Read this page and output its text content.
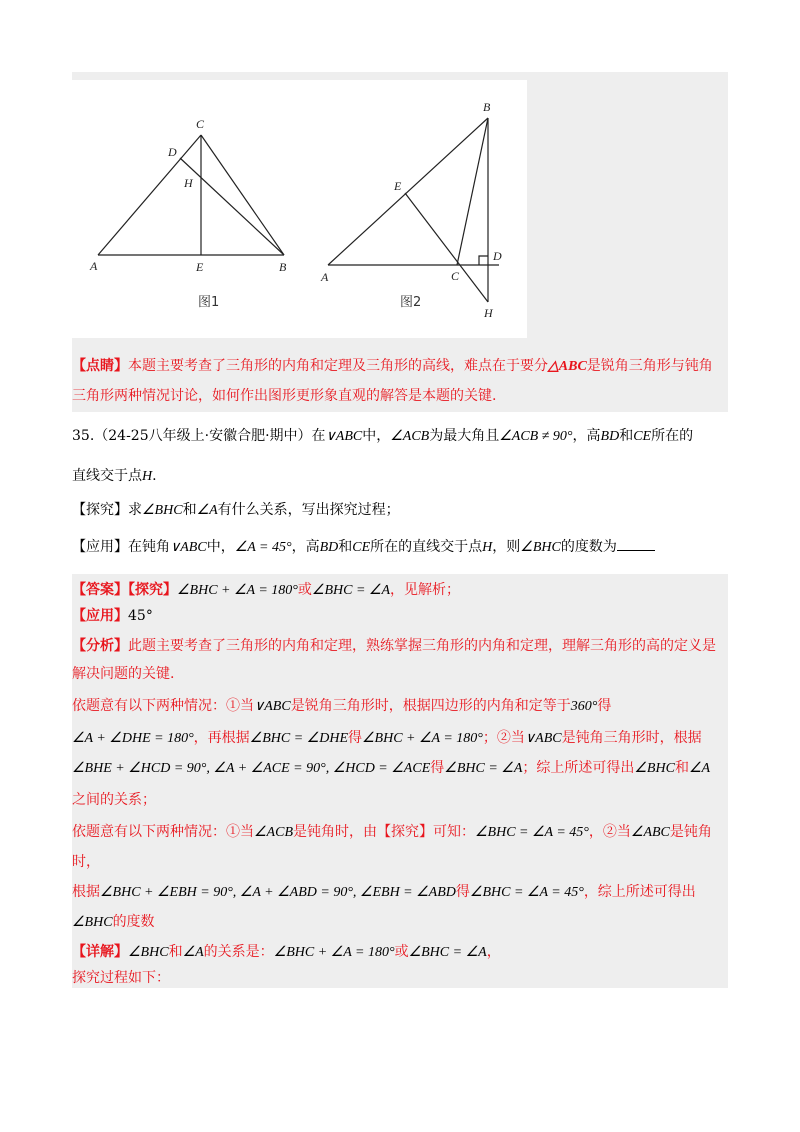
C
D
H
A	E	B
图1
B
E
D
C
A
H
图2
【点睛】本题主要考查了三角形的内角和定理及三角形的高线，难点在于要分△ABC是锐角三角形与钝角
三角形两种情况讨论，如何作出图形更形象直观的解答是本题的关键.
35.（24-25八年级上·安徽合肥·期中）在∨ABC中，∠ACB为最大角且∠ACB ≠ 90°，高BD和CE所在的
直线交于点H.
【探究】求∠BHC和∠A有什么关系，写出探究过程；
【应用】在钝角∨ABC中，∠A = 45°，高BD和CE所在的直线交于点H，则∠BHC的度数为
【答案】【探究】∠BHC + ∠A = 180°或∠BHC = ∠A，见解析；
【应用】45°
【分析】此题主要考查了三角形的内角和定理，熟练掌握三角形的内角和定理，理解三角形的高的定义是
解决问题的关键.
依题意有以下两种情况：①当∨ABC是锐角三角形时，根据四边形的内角和定等于360°得
∠A + ∠DHE = 180°，再根据∠BHC = ∠DHE得∠BHC + ∠A = 180°；②当∨ABC是钝角三角形时，根据
∠BHE + ∠HCD = 90°, ∠A + ∠ACE = 90°, ∠HCD = ∠ACE得∠BHC = ∠A；综上所述可得出∠BHC和∠A
之间的关系；
依题意有以下两种情况：①当∠ACB是钝角时，由【探究】可知：∠BHC = ∠A = 45°，②当∠ABC是钝角
时，
根据∠BHC + ∠EBH = 90°, ∠A + ∠ABD = 90°, ∠EBH = ∠ABD得∠BHC = ∠A = 45°，综上所述可得出
∠BHC的度数
【详解】∠BHC和∠A的关系是：∠BHC + ∠A = 180°或∠BHC = ∠A，
探究过程如下：
